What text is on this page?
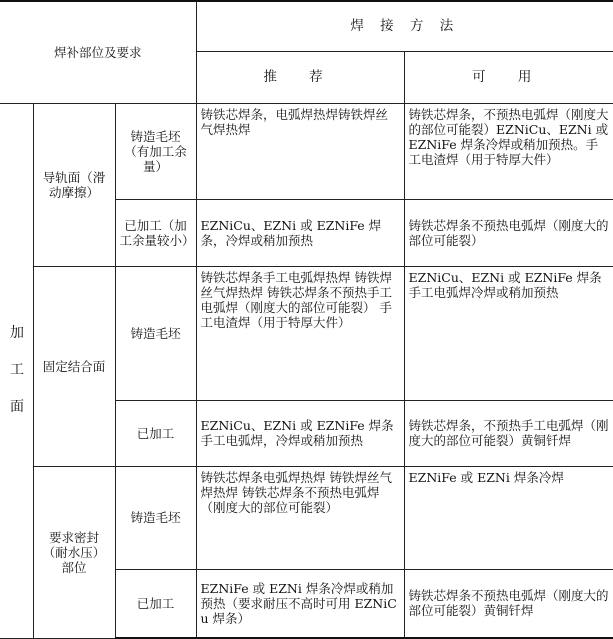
焊补部位及要求			焊 接 方 法	
			推 荐	可 用

加
工
面	导轨面（滑动摩擦）	铸造毛坯（有加工余量）	铸铁芯焊条，电弧焊热焊铸铁焊丝气焊热焊	铸铁芯焊条，不预热电弧焊（刚度大的部位可能裂）EZNiCu、EZNi 或 EZNiFe 焊条冷焊或稍加预热。手工电渣焊（用于特厚大件）
		已加工（加工余量较小）	EZNiCu、EZNi 或 EZNiFe 焊条，冷焊或稍加预热	铸铁芯焊条不预热电弧焊（刚度大的部位可能裂）
	固定结合面	铸造毛坯	铸铁芯焊条手工电弧焊热焊 铸铁焊丝气焊热焊 铸铁芯焊条不预热手工电弧焊（刚度大的部位可能裂） 手工电渣焊（用于特厚大件）	EZNiCu、EZNi 或 EZNiFe 焊条手工电弧焊冷焊或稍加预热
		已加工	EZNiCu、EZNi 或 EZNiFe 焊条手工电弧焊，冷焊或稍加预热	铸铁芯焊条，不预热手工电弧焊（刚度大的部位可能裂）黄铜钎焊
	要求密封（耐水压）部位	铸造毛坯	铸铁芯焊条电弧焊热焊 铸铁焊丝气焊热焊 铸铁芯焊条不预热电弧焊（刚度大的部位可能裂）	EZNiFe 或 EZNi 焊条冷焊
		已加工	EZNiFe 或 EZNi 焊条冷焊或稍加预热（要求耐压不高时可用 EZNiCu 焊条）	铸铁芯焊条不预热电弧焊（刚度大的部位可能裂）黄铜钎焊
